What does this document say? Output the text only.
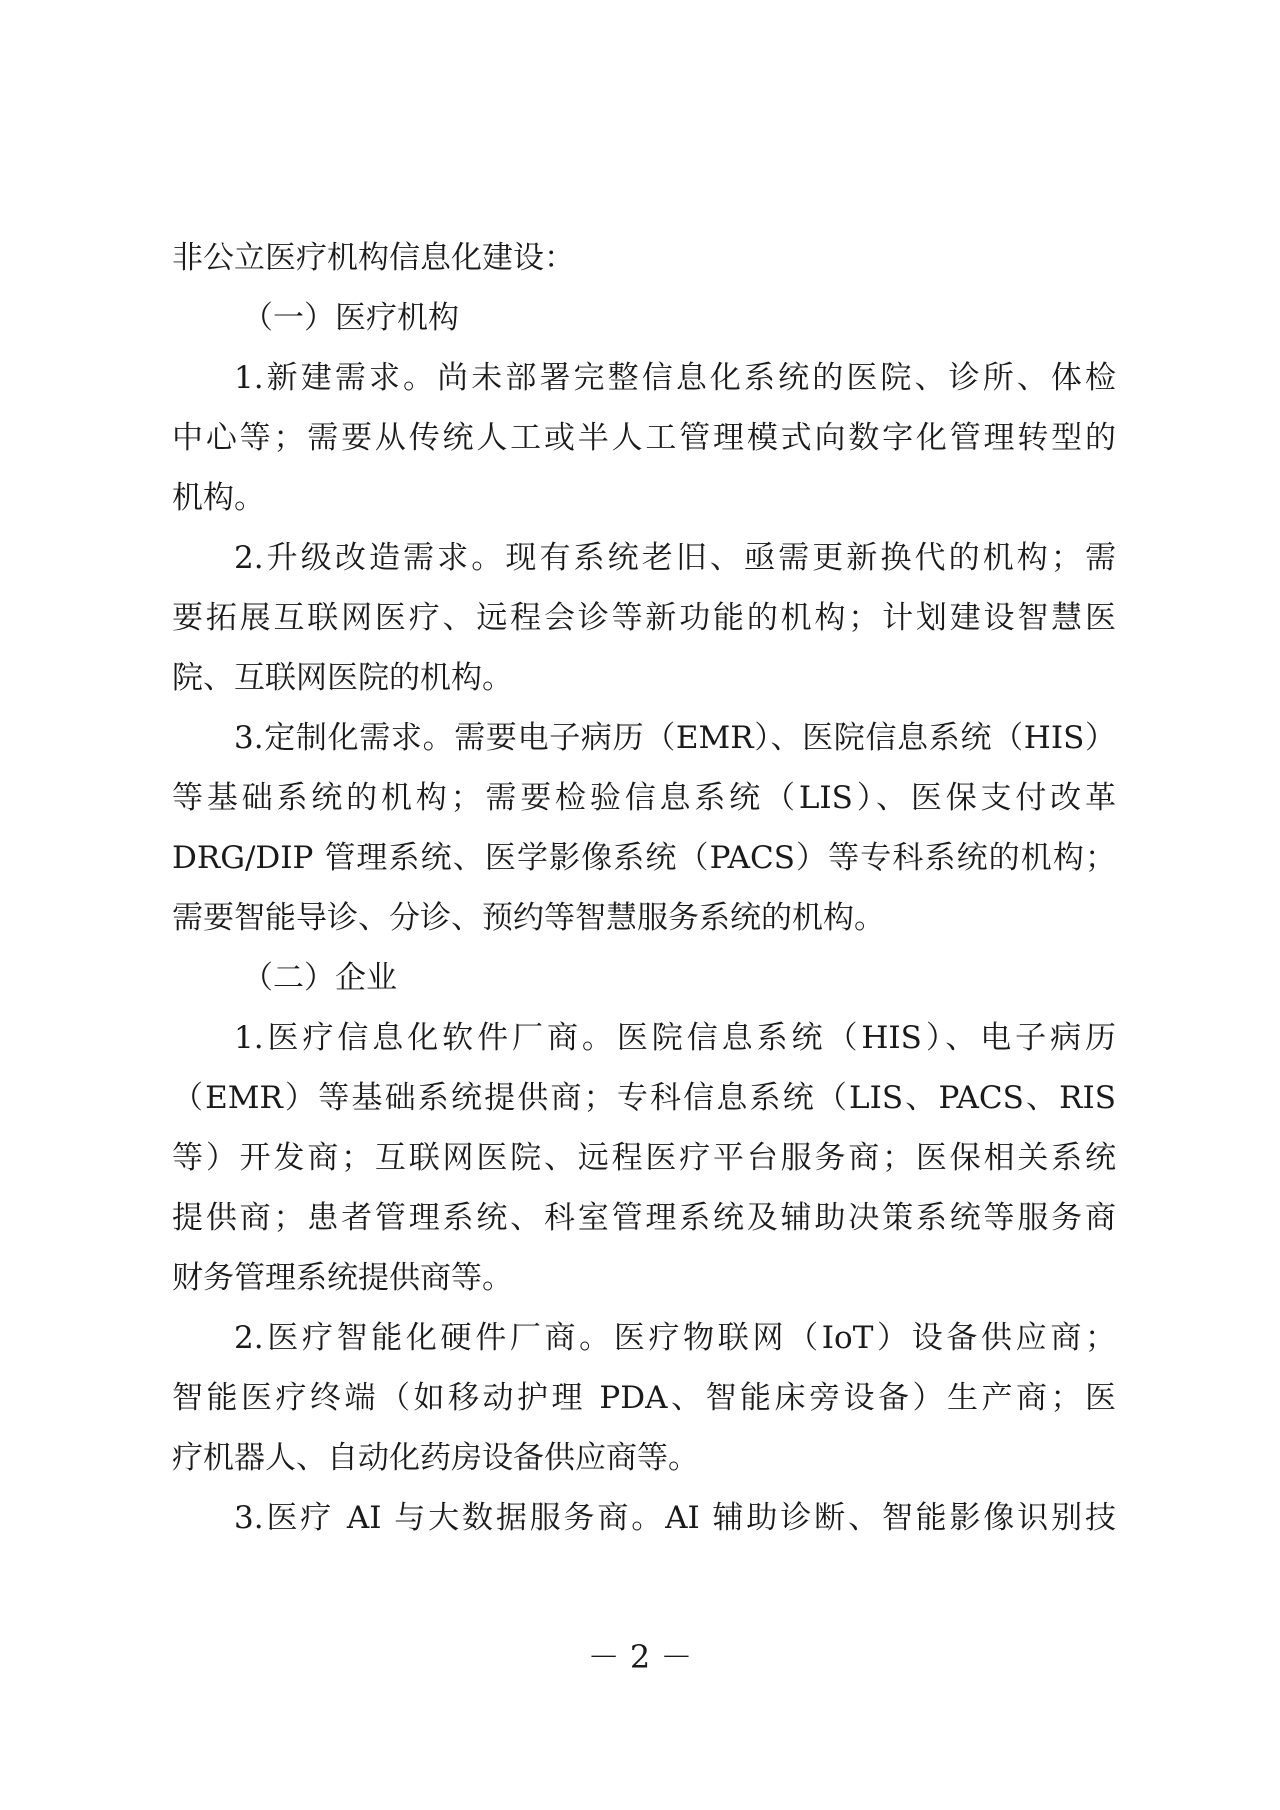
非公立医疗机构信息化建设：
（一）医疗机构
1.新建需求。尚未部署完整信息化系统的医院、诊所、体检
中心等；需要从传统人工或半人工管理模式向数字化管理转型的
机构。
2.升级改造需求。现有系统老旧、亟需更新换代的机构；需
要拓展互联网医疗、远程会诊等新功能的机构；计划建设智慧医
院、互联网医院的机构。
3.定制化需求。需要电子病历（EMR）、医院信息系统（HIS）
等基础系统的机构；需要检验信息系统（LIS）、医保支付改革
DRG/DIP 管理系统、医学影像系统（PACS）等专科系统的机构；
需要智能导诊、分诊、预约等智慧服务系统的机构。
（二）企业
1.医疗信息化软件厂商。医院信息系统（HIS）、电子病历
（EMR）等基础系统提供商；专科信息系统（LIS、PACS、RIS
等）开发商；互联网医院、远程医疗平台服务商；医保相关系统
提供商；患者管理系统、科室管理系统及辅助决策系统等服务商
财务管理系统提供商等。
2.医疗智能化硬件厂商。医疗物联网（IoT）设备供应商；
智能医疗终端（如移动护理 PDA、智能床旁设备）生产商；医
疗机器人、自动化药房设备供应商等。
3.医疗 AI 与大数据服务商。AI 辅助诊断、智能影像识别技
－ 2 －
